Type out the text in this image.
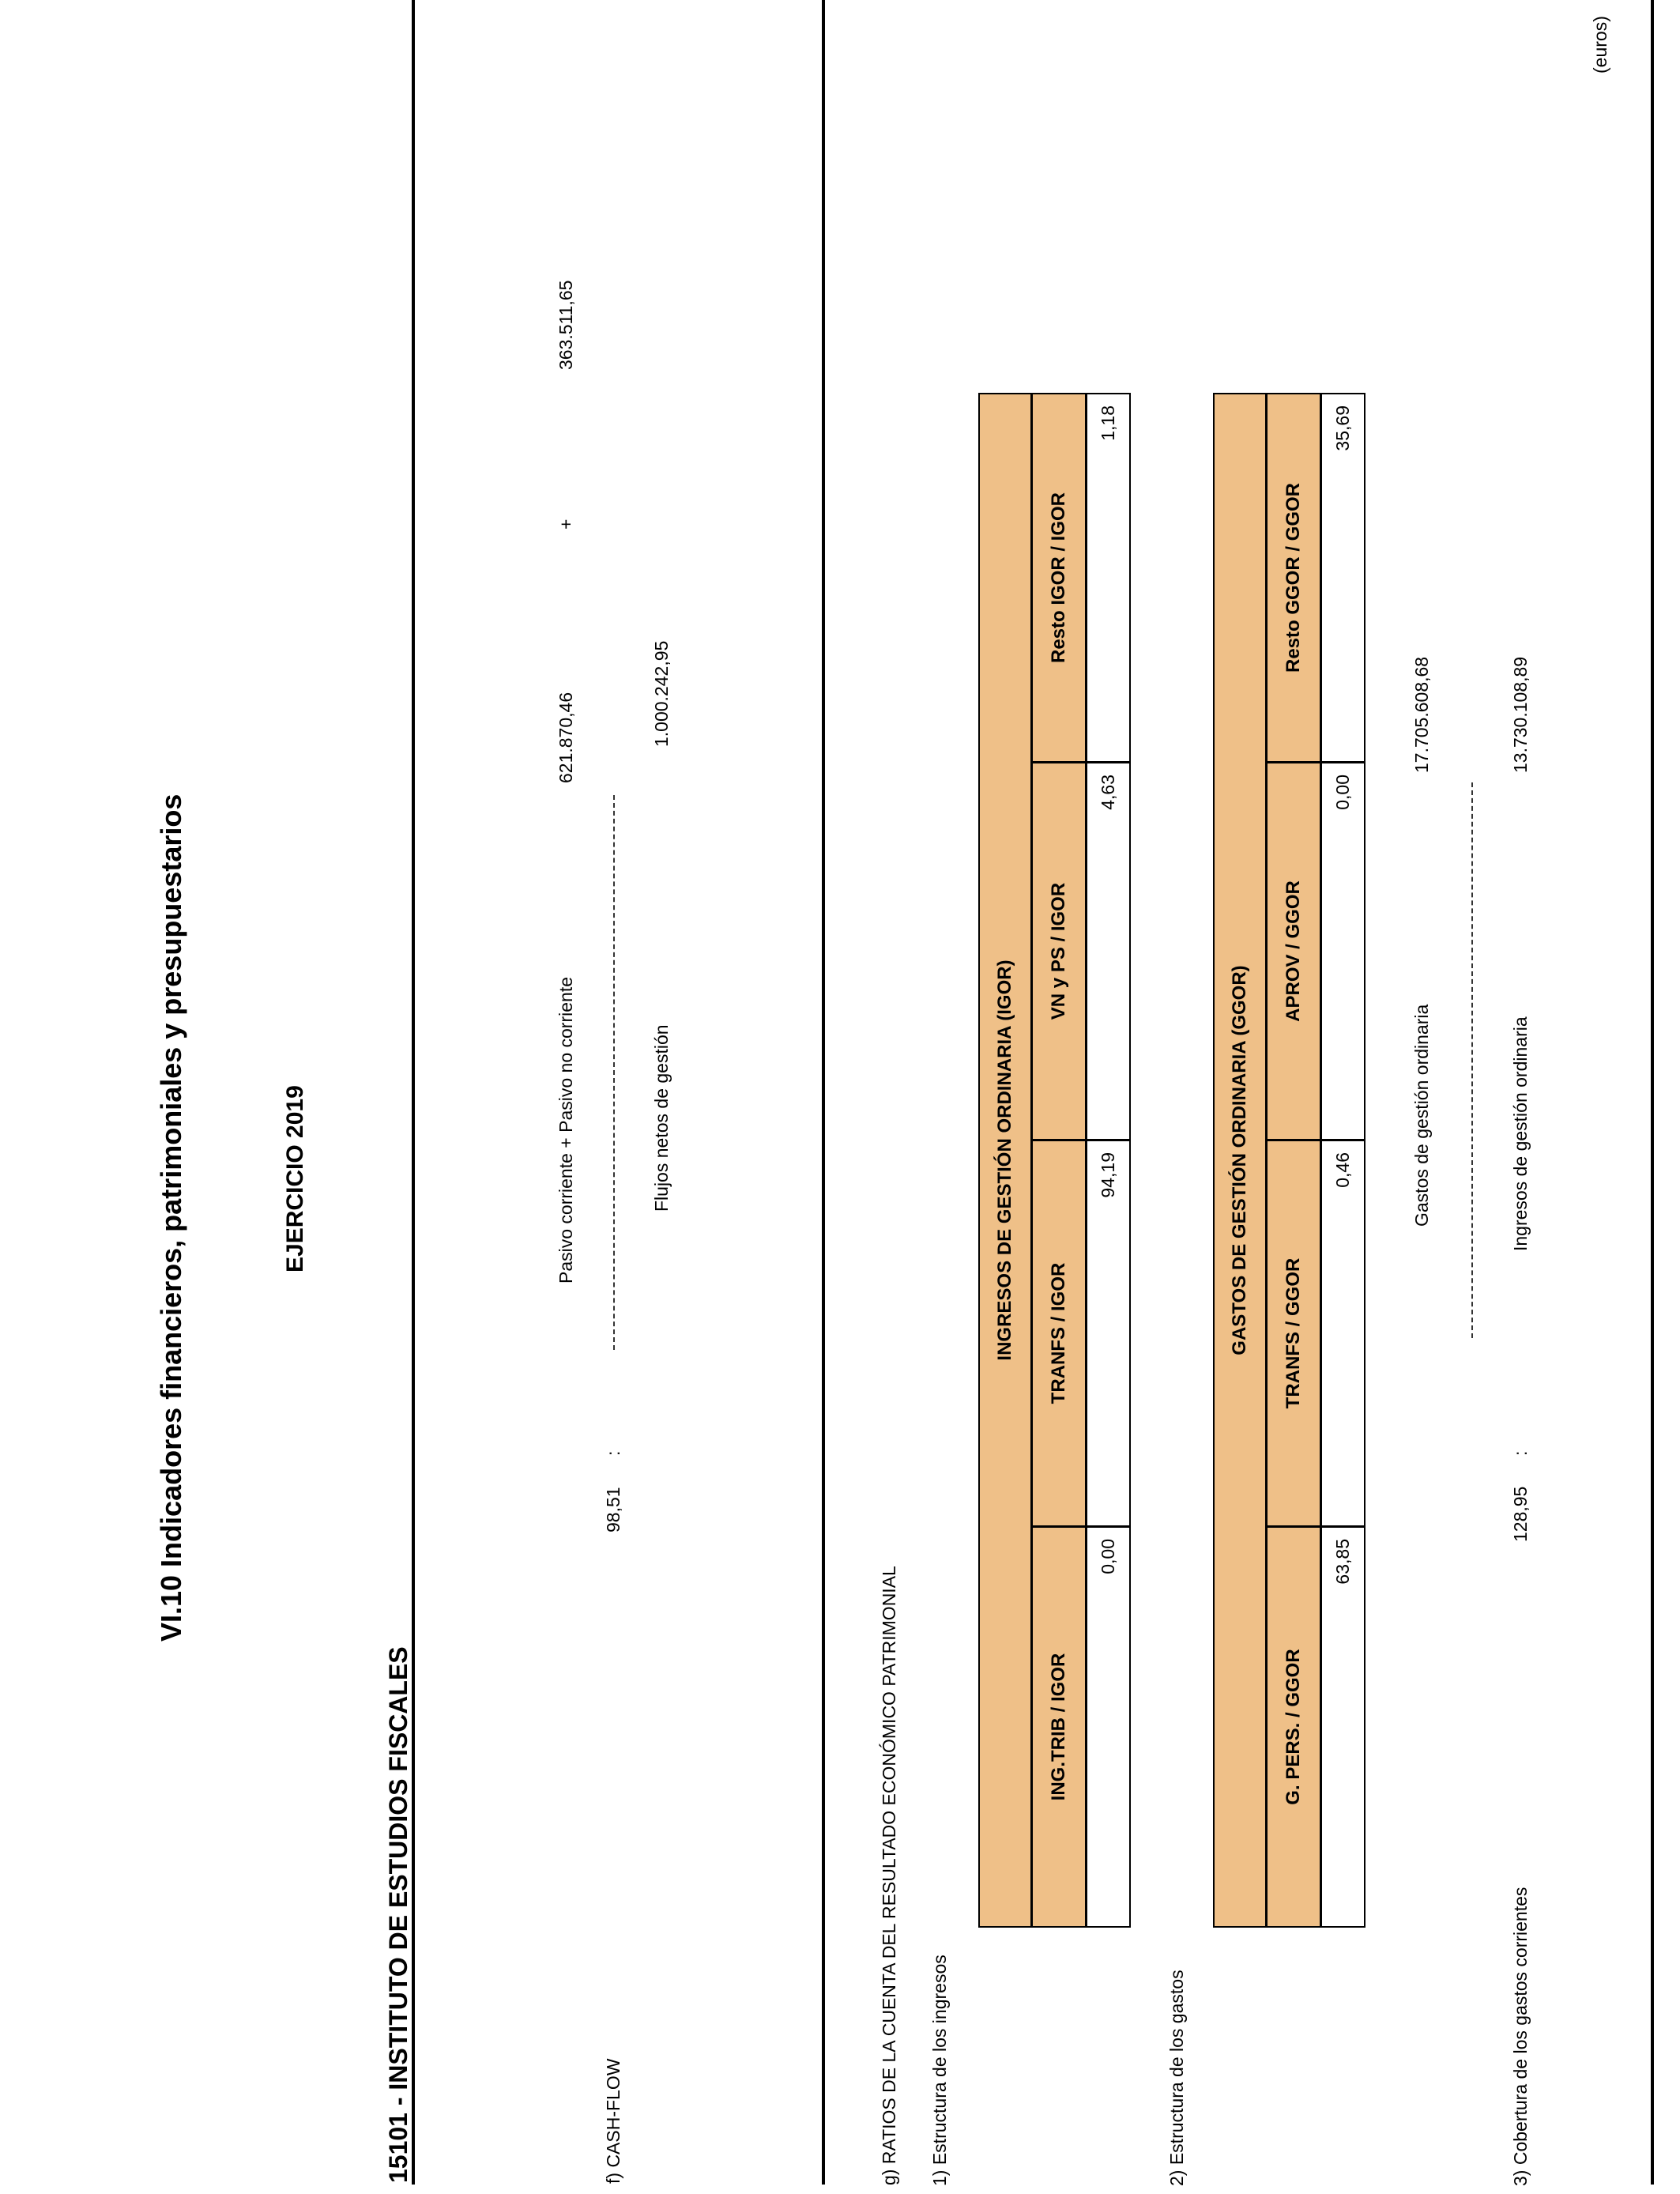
VI.10 Indicadores financieros, patrimoniales y presupuestarios	EJERCICIO 2019
(euros)
15101 - INSTITUTO DE ESTUDIOS FISCALES	f) CASH-FLOW
98,51
:
Pasivo corriente + Pasivo no corriente
621.870,46
+
363.511,65
Flujos netos de gestión
1.000.242,95
g) RATIOS DE LA CUENTA DEL RESULTADO ECONÓMICO PATRIMONIAL 1) Estructura de los ingresos
INGRESOS DE GESTIÓN ORDINARIA (IGOR)
ING.TRIB / IGOR
TRANFS / IGOR
VN y PS / IGOR
Resto IGOR / IGOR
0,00
94,19
4,63
1,18
2) Estructura de los gastos
GASTOS DE GESTIÓN ORDINARIA (GGOR)
G. PERS. / GGOR
TRANFS / GGOR
APROV / GGOR
Resto GGOR / GGOR
63,85
0,46
0,00
35,69
3) Cobertura de los gastos corrientes
128,95
:
Gastos de gestión ordinaria
17.705.608,68
Ingresos de gestión ordinaria
13.730.108,89
